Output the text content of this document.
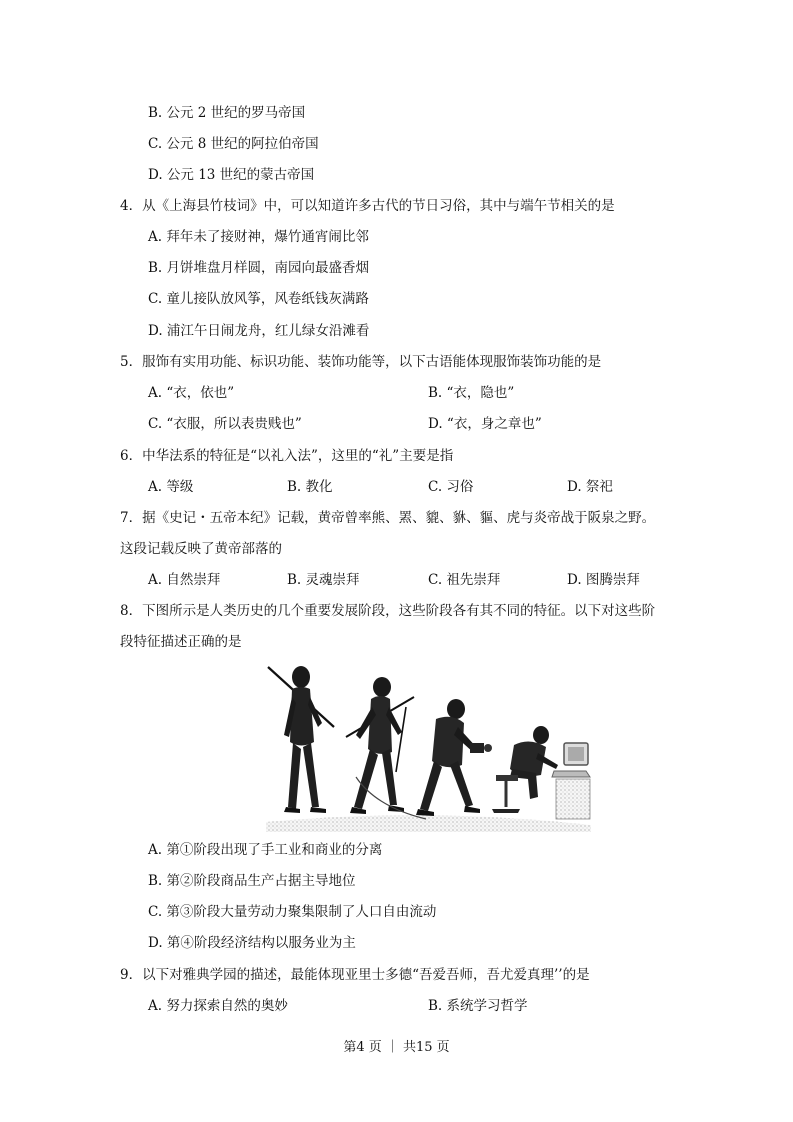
B. 公元 2 世纪的罗马帝国
C. 公元 8 世纪的阿拉伯帝国
D. 公元 13 世纪的蒙古帝国
4．从《上海县竹枝词》中，可以知道许多古代的节日习俗，其中与端午节相关的是
A. 拜年未了接财神，爆竹通宵闹比邻
B. 月饼堆盘月样圆，南园向最盛香烟
C. 童儿接队放风筝，风卷纸钱灰满路
D. 浦江午日闹龙舟，红儿绿女沿滩看
5．服饰有实用功能、标识功能、装饰功能等，以下古语能体现服饰装饰功能的是
A. “衣，依也”	B. “衣，隐也”
C. “衣服，所以表贵贱也”	D. “衣，身之章也”
6．中华法系的特征是“以礼入法”，这里的“礼”主要是指
A. 等级	B. 教化	C. 习俗	D. 祭祀
7．据《史记・五帝本纪》记载，黄帝曾率熊、罴、貔、貅、貙、虎与炎帝战于阪泉之野。
这段记载反映了黄帝部落的
A. 自然崇拜	B. 灵魂崇拜	C. 祖先崇拜	D. 图腾崇拜
8．下图所示是人类历史的几个重要发展阶段，这些阶段各有其不同的特征。以下对这些阶
段特征描述正确的是
A. 第①阶段出现了手工业和商业的分离
B. 第②阶段商品生产占据主导地位
C. 第③阶段大量劳动力聚集限制了人口自由流动
D. 第④阶段经济结构以服务业为主
9．以下对雅典学园的描述，最能体现亚里士多德“吾爱吾师，吾尤爱真理’’的是
A. 努力探索自然的奥妙	B. 系统学习哲学
第4 页 ｜ 共15 页
